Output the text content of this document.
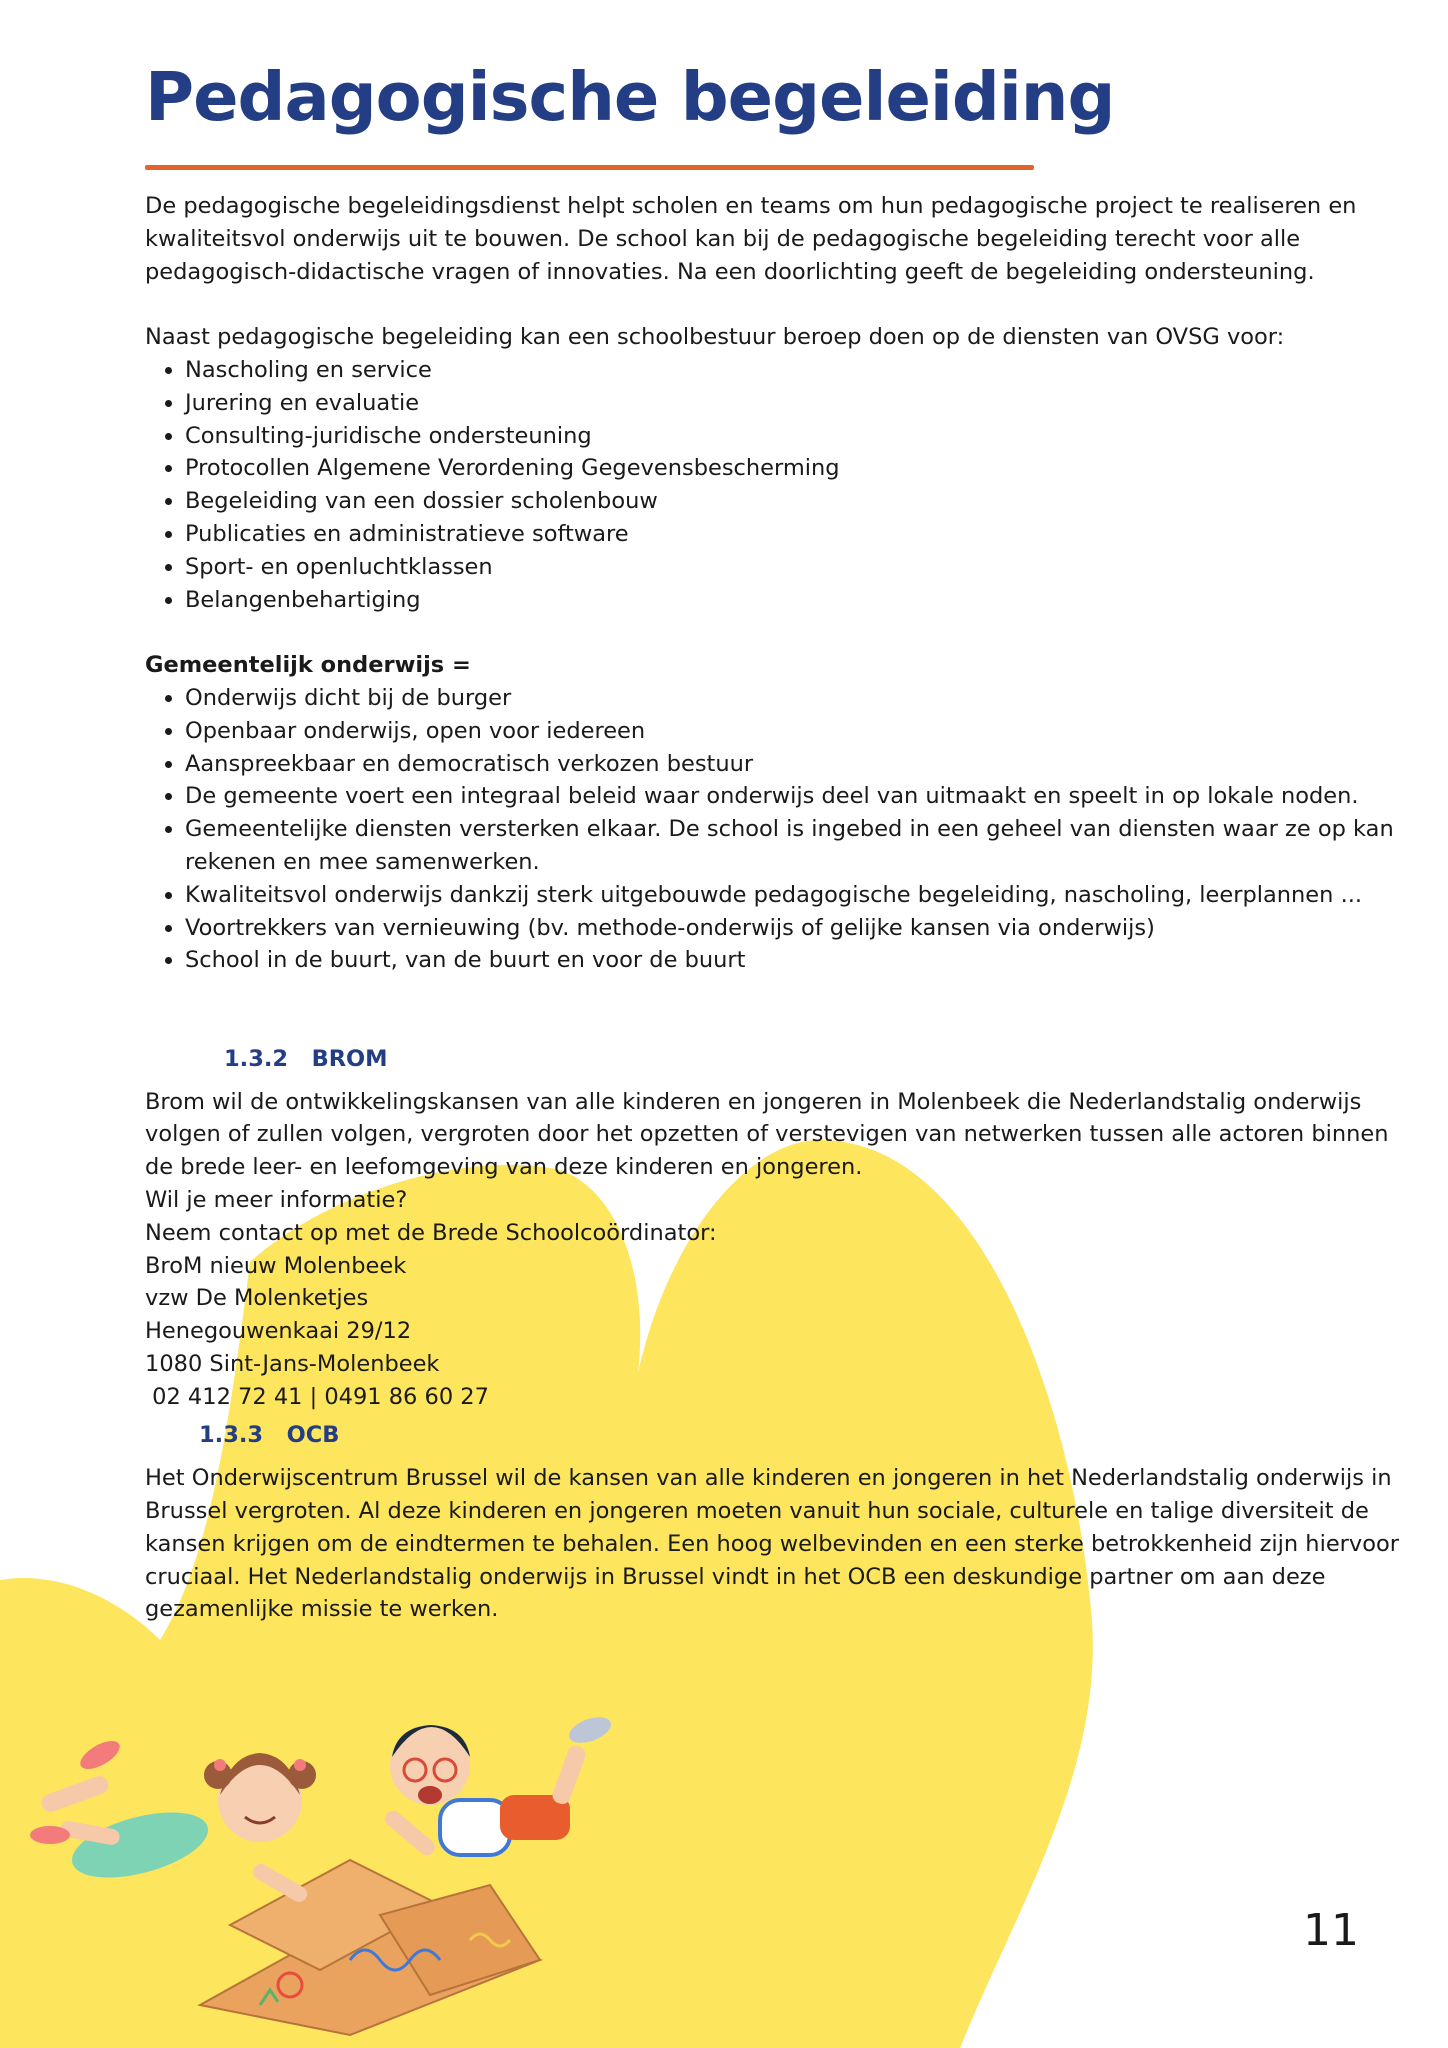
Pedagogische begeleiding

De pedagogische begeleidingsdienst helpt scholen en teams om hun pedagogische project te realiseren en kwaliteitsvol onderwijs uit te bouwen. De school kan bij de pedagogische begeleiding terecht voor alle pedagogisch-didactische vragen of innovaties. Na een doorlichting geeft de begeleiding ondersteuning.

Naast pedagogische begeleiding kan een schoolbestuur beroep doen op de diensten van OVSG voor:

• Nascholing en service
• Jurering en evaluatie
• Consulting-juridische ondersteuning
• Protocollen Algemene Verordening Gegevensbescherming
• Begeleiding van een dossier scholenbouw
• Publicaties en administratieve software
• Sport- en openluchtklassen
• Belangenbehartiging

Gemeentelijk onderwijs =

• Onderwijs dicht bij de burger
• Openbaar onderwijs, open voor iedereen
• Aanspreekbaar en democratisch verkozen bestuur
• De gemeente voert een integraal beleid waar onderwijs deel van uitmaakt en speelt in op lokale noden.
• Gemeentelijke diensten versterken elkaar. De school is ingebed in een geheel van diensten waar ze op kan rekenen en mee samenwerken.
• Kwaliteitsvol onderwijs dankzij sterk uitgebouwde pedagogische begeleiding, nascholing, leerplannen ...
• Voortrekkers van vernieuwing (bv. methode-onderwijs of gelijke kansen via onderwijs)
• School in de buurt, van de buurt en voor de buurt

1.3.2 BROM

Brom wil de ontwikkelingskansen van alle kinderen en jongeren in Molenbeek die Nederlandstalig onderwijs volgen of zullen volgen, vergroten door het opzetten of verstevigen van netwerken tussen alle actoren binnen de brede leer- en leefomgeving van deze kinderen en jongeren.

Wil je meer informatie?

Neem contact op met de Brede Schoolcoördinator:

BroM nieuw Molenbeek

vzw De Molenketjes

Henegouwenkaai 29/12

1080 Sint-Jans-Molenbeek

02 412 72 41 | 0491 86 60 27

1.3.3 OCB

Het Onderwijscentrum Brussel wil de kansen van alle kinderen en jongeren in het Nederlandstalig onderwijs in Brussel vergroten. Al deze kinderen en jongeren moeten vanuit hun sociale, culturele en talige diversiteit de kansen krijgen om de eindtermen te behalen. Een hoog welbevinden en een sterke betrokkenheid zijn hiervoor cruciaal. Het Nederlandstalig onderwijs in Brussel vindt in het OCB een deskundige partner om aan deze gezamenlijke missie te werken.

11
